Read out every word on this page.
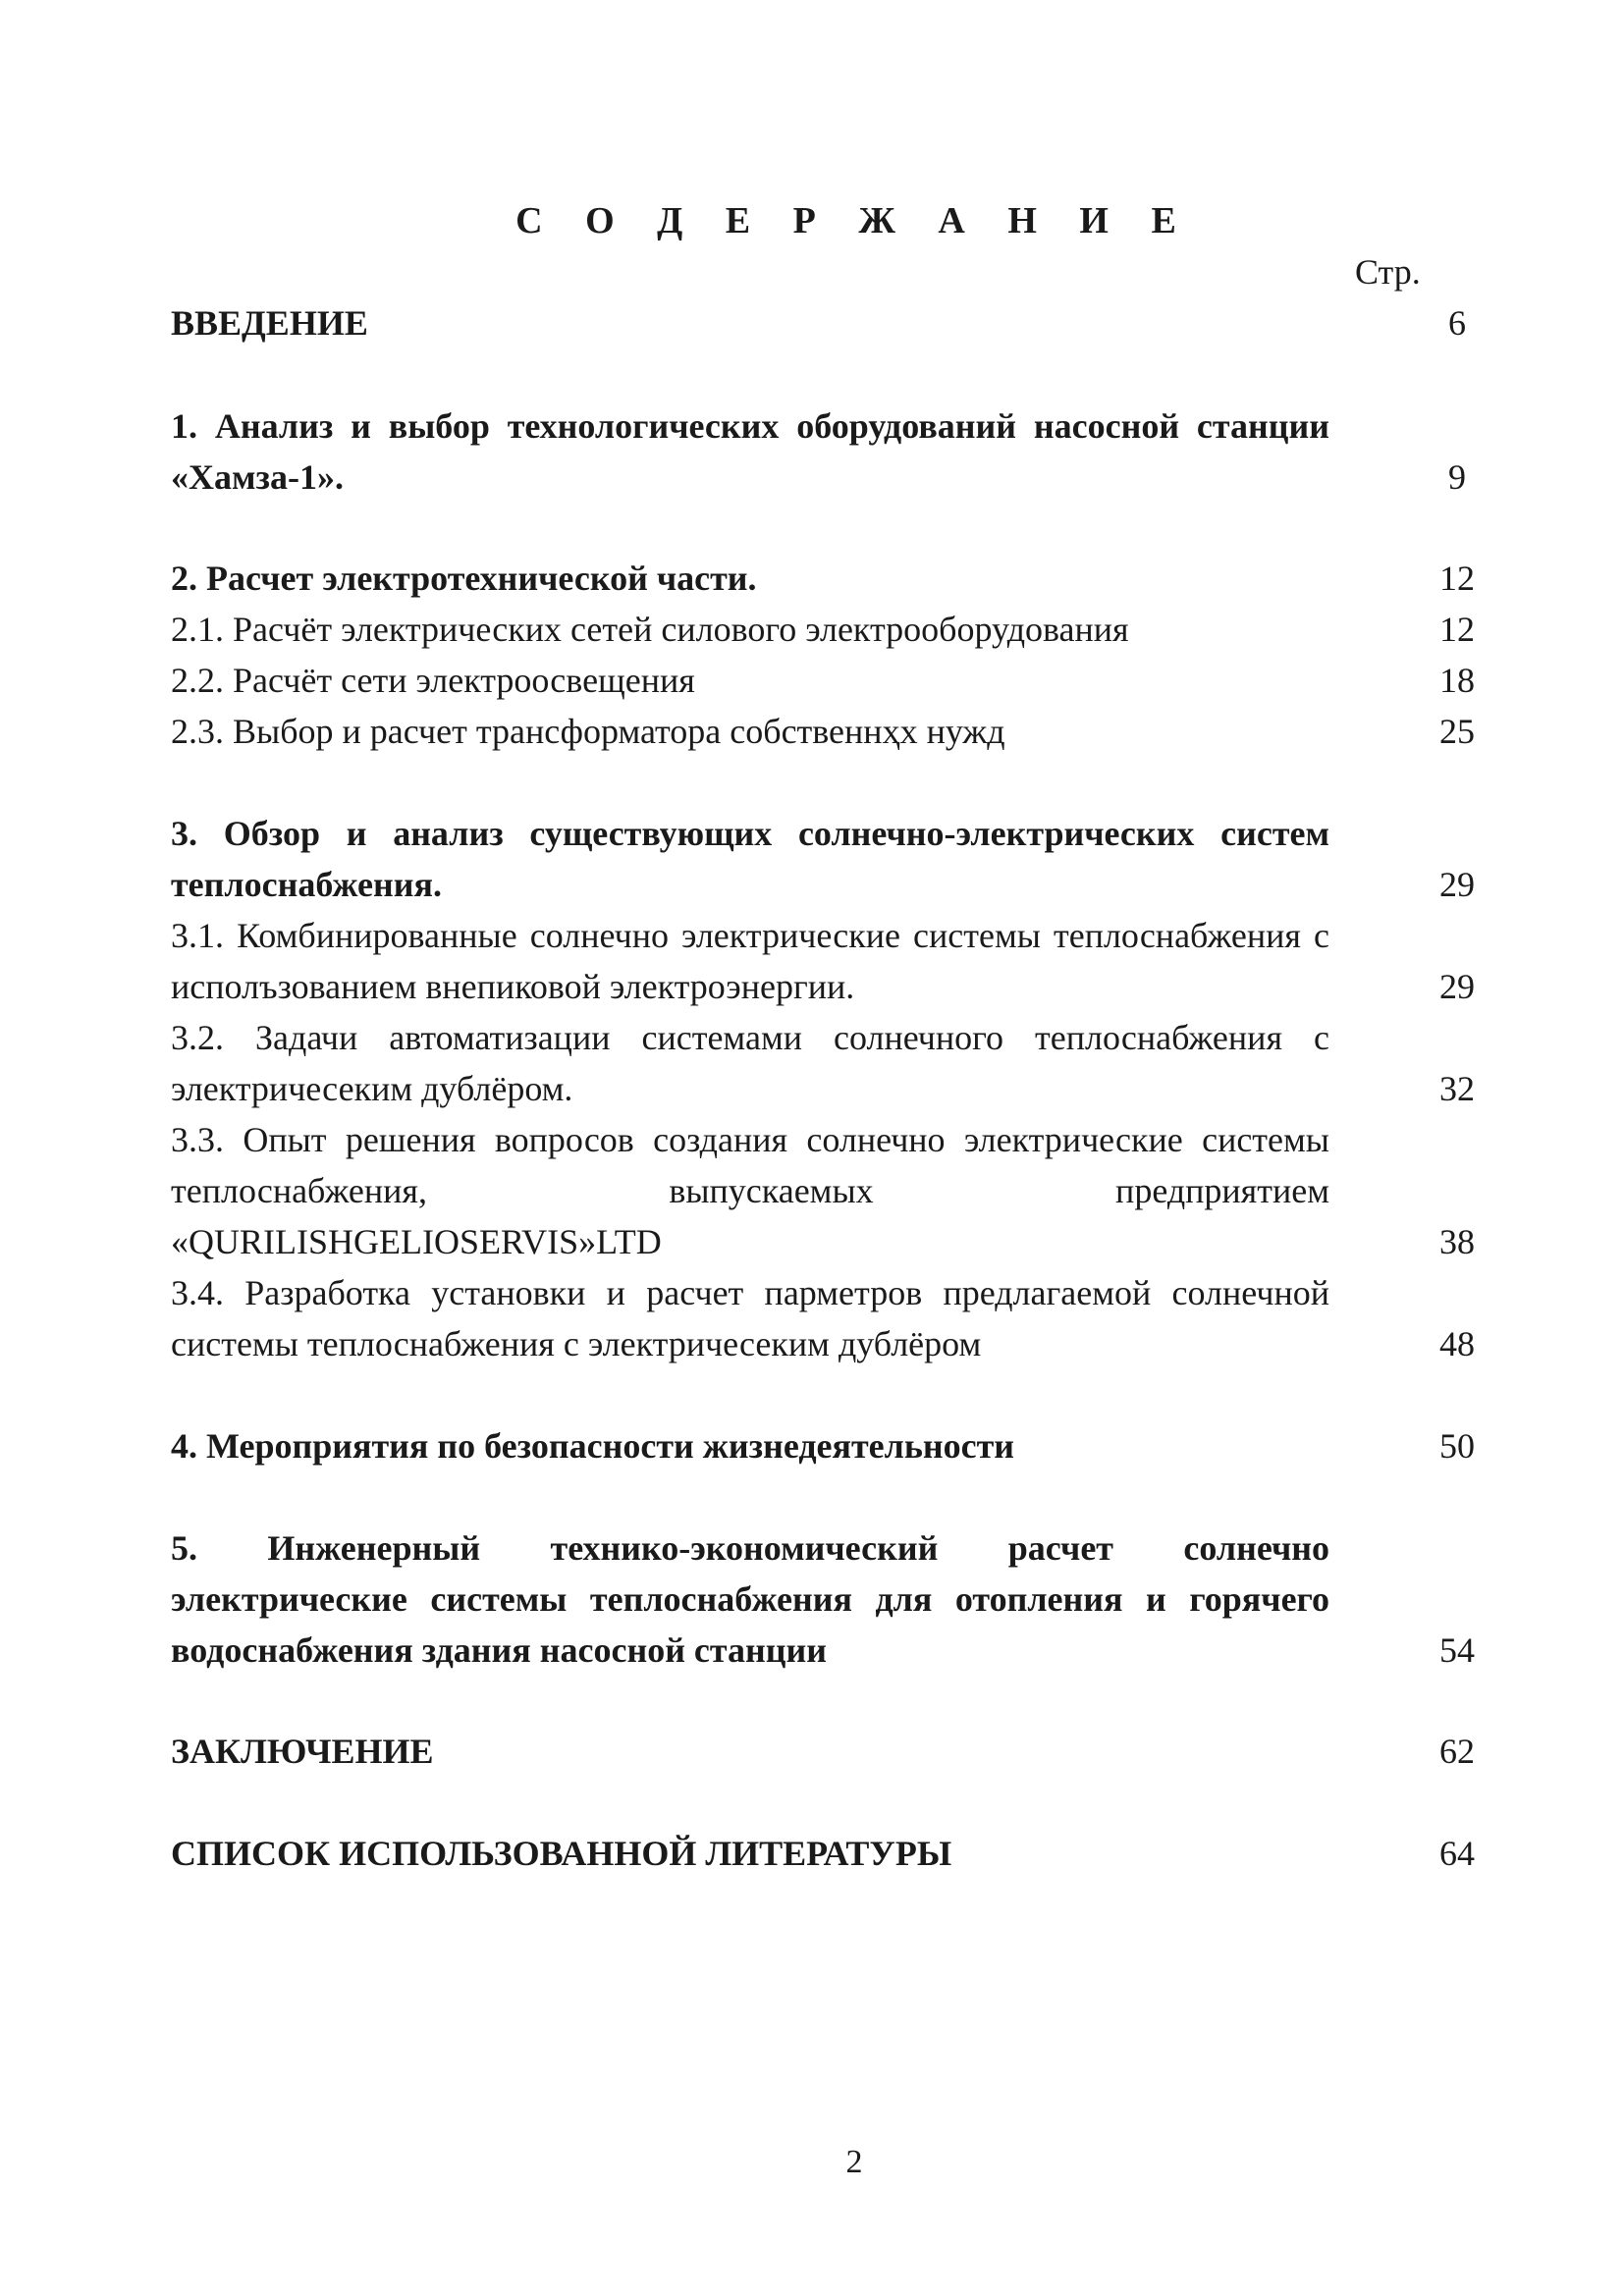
С О Д Е Р Ж А Н И Е
Стр.
ВВЕДЕНИЕ	6
1. Анализ и выбор технологических оборудований насосной станции «Хамза-1».	9
2. Расчет электротехнической части.	12
2.1. Расчёт электрических сетей силового электрооборудования	12
2.2. Расчёт сети электроосвещения	18
2.3. Выбор и расчет трансформатора собственнҳх нужд	25
3. Обзор и анализ существующих солнечно-электрических систем теплоснабжения.	29
3.1. Комбинированные солнечно электрические системы теплоснабжения с исполъзованием внепиковой электроэнергии.	29
3.2. Задачи автоматизации системами солнечного теплоснабжения с электричесеким дублёром.	32
3.3. Опыт решения вопросов создания солнечно электрические системы теплоснабжения, выпускаемых предприятием «QURILISHGELIOSERVIS»LTD	38
3.4. Разработка установки и расчет парметров предлагаемой солнечной системы теплоснабжения с электричесеким дублёром	48
4. Мероприятия по безопасности жизнедеятельности	50
5. Инженерный технико-экономический расчет солнечно электрические системы теплоснабжения для отопления и горячего водоснабжения здания насосной станции	54
ЗАКЛЮЧЕНИЕ	62
СПИСОК ИСПОЛЬЗОВАННОЙ ЛИТЕРАТУРЫ	64
2
